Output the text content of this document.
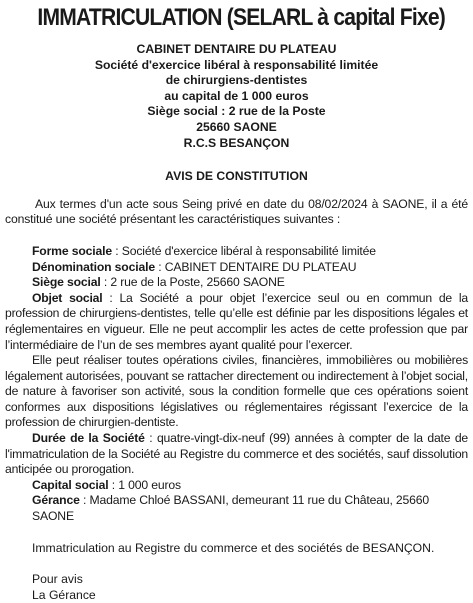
IMMATRICULATION (SELARL à capital Fixe)
CABINET DENTAIRE DU PLATEAU
Société d'exercice libéral à responsabilité limitée
de chirurgiens-dentistes
au capital de 1 000 euros
Siège social : 2 rue de la Poste
25660 SAONE
R.C.S BESANÇON
AVIS DE CONSTITUTION

Aux termes d'un acte sous Seing privé en date du 08/02/2024 à SAONE, il a été constitué une société présentant les caractéristiques suivantes :

Forme sociale : Société d'exercice libéral à responsabilité limitée

Dénomination sociale : CABINET DENTAIRE DU PLATEAU

Siège social : 2 rue de la Poste, 25660 SAONE

Objet social : La Société a pour objet l’exercice seul ou en commun de la profession de chirurgiens-dentistes, telle qu’elle est définie par les dispositions légales et réglementaires en vigueur. Elle ne peut accomplir les actes de cette profession que par l’intermédiaire de l’un de ses membres ayant qualité pour l’exercer.

Elle peut réaliser toutes opérations civiles, financières, immobilières ou mobilières légalement autorisées, pouvant se rattacher directement ou indirectement à l’objet social, de nature à favoriser son activité, sous la condition formelle que ces opérations soient conformes aux dispositions législatives ou réglementaires régissant l’exercice de la profession de chirurgien-dentiste.

Durée de la Société : quatre-vingt-dix-neuf (99) années à compter de la date de l'immatriculation de la Société au Registre du commerce et des sociétés, sauf dissolution anticipée ou prorogation.

Capital social : 1 000 euros

Gérance : Madame Chloé BASSANI, demeurant 11 rue du Château, 25660 SAONE

Immatriculation au Registre du commerce et des sociétés de BESANÇON.

Pour avis

La Gérance
